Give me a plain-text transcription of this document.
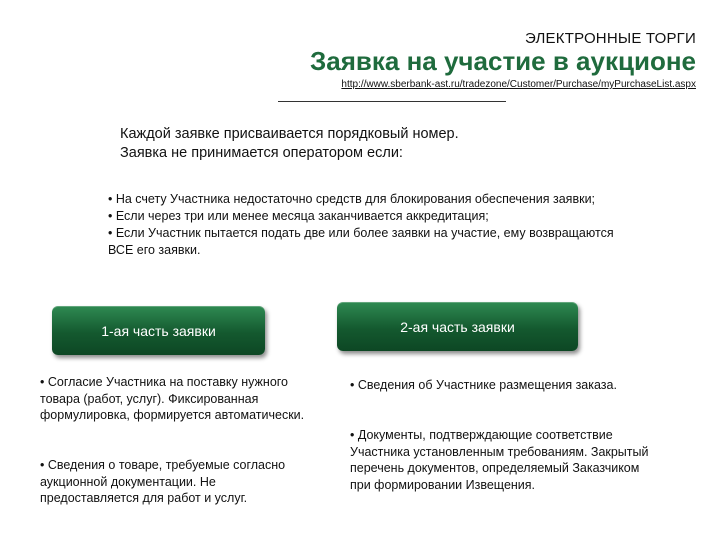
ЭЛЕКТРОННЫЕ ТОРГИ
Заявка на участие в аукционе
http://www.sberbank-ast.ru/tradezone/Customer/Purchase/myPurchaseList.aspx
Каждой заявке присваивается порядковый номер.
Заявка не принимается оператором если:

• На счету Участника недостаточно средств для блокирования обеспечения заявки;

• Если через три или менее месяца заканчивается аккредитация;

• Если Участник пытается подать две или более заявки на участие, ему возвращаются ВСЕ его заявки.

1-ая часть заявки	2-ая часть заявки

• Согласие Участника на поставку нужного товара (работ, услуг). Фиксированная формулировка, формируется автоматически.

• Сведения о товаре, требуемые согласно аукционной документации. Не предоставляется для работ и услуг.

• Сведения об Участнике размещения заказа.

• Документы, подтверждающие соответствие Участника установленным требованиям. Закрытый перечень документов, определяемый Заказчиком при формировании Извещения.
